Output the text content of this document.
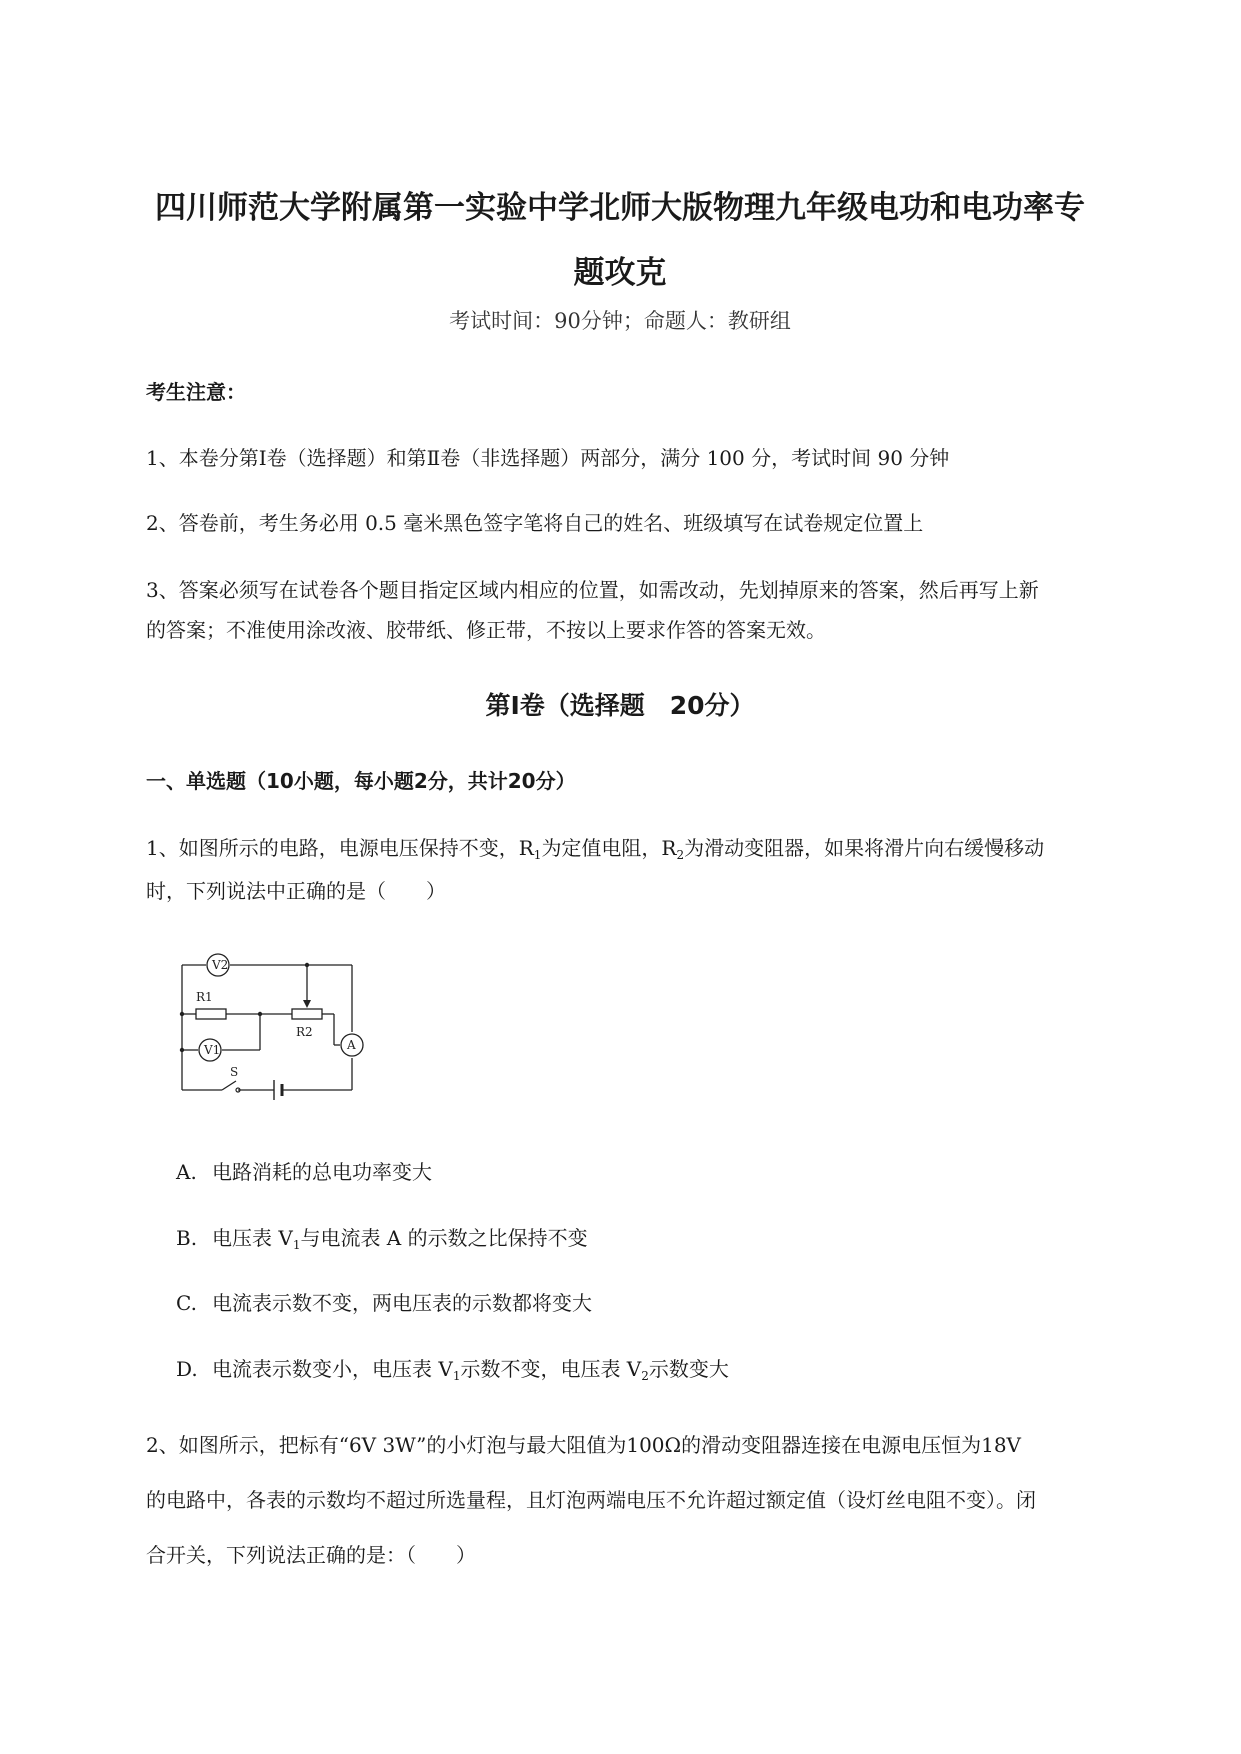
四川师范大学附属第一实验中学北师大版物理九年级电功和电功率专
题攻克
考试时间：90分钟；命题人：教研组
考生注意：
1、本卷分第Ⅰ卷（选择题）和第Ⅱ卷（非选择题）两部分，满分 100 分，考试时间 90 分钟
2、答卷前，考生务必用 0.5 毫米黑色签字笔将自己的姓名、班级填写在试卷规定位置上
3、答案必须写在试卷各个题目指定区域内相应的位置，如需改动，先划掉原来的答案，然后再写上新
的答案；不准使用涂改液、胶带纸、修正带，不按以上要求作答的答案无效。
第Ⅰ卷（选择题　20分）
一、单选题（10小题，每小题2分，共计20分）
1、如图所示的电路，电源电压保持不变，$R_1$为定值电阻，$R_2$为滑动变阻器，如果将滑片向右缓慢移动
时，下列说法中正确的是（　　）
V2
R1
R2
V1	A
S
A. 电路消耗的总电功率变大
B. 电压表 $V_1$与电流表 A 的示数之比保持不变
C. 电流表示数不变，两电压表的示数都将变大
D. 电流表示数变小，电压表 $V_1$示数不变，电压表 $V_2$示数变大
2、如图所示，把标有“6V 3W”的小灯泡与最大阻值为100Ω的滑动变阻器连接在电源电压恒为18V
的电路中，各表的示数均不超过所选量程，且灯泡两端电压不允许超过额定值（设灯丝电阻不变）。闭
合开关，下列说法正确的是：（　　）
